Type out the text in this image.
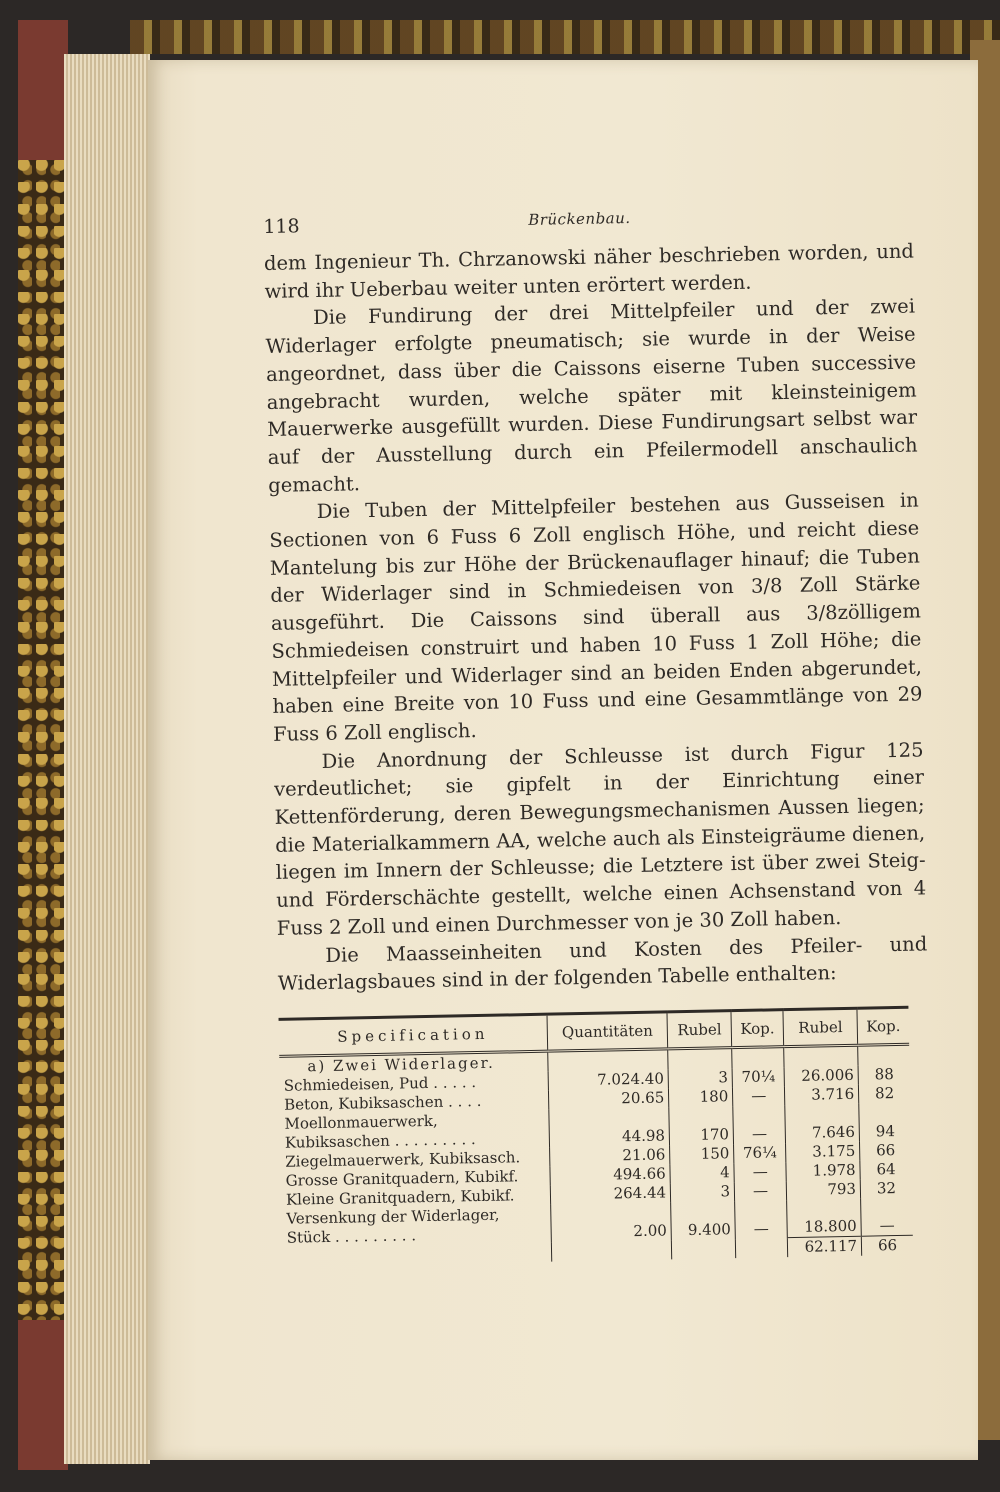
118	Brückenbau.

dem Ingenieur Th. Chrzanowski näher beschrieben worden, und wird ihr Ueberbau weiter unten erörtert werden.

Die Fundirung der drei Mittelpfeiler und der zwei Widerlager erfolgte pneumatisch; sie wurde in der Weise angeordnet, dass über die Caissons eiserne Tuben successive angebracht wurden, welche später mit kleinsteinigem Mauerwerke ausgefüllt wurden. Diese Fundirungsart selbst war auf der Ausstellung durch ein Pfeilermodell anschaulich gemacht.

Die Tuben der Mittelpfeiler bestehen aus Gusseisen in Sectionen von 6 Fuss 6 Zoll englisch Höhe, und reicht diese Mantelung bis zur Höhe der Brückenauflager hinauf; die Tuben der Widerlager sind in Schmiedeisen von 3/8 Zoll Stärke ausgeführt. Die Caissons sind überall aus 3/8zölligem Schmiedeisen construirt und haben 10 Fuss 1 Zoll Höhe; die Mittelpfeiler und Widerlager sind an beiden Enden abgerundet, haben eine Breite von 10 Fuss und eine Gesammtlänge von 29 Fuss 6 Zoll englisch.

Die Anordnung der Schleusse ist durch Figur 125 verdeutlichet; sie gipfelt in der Einrichtung einer Kettenförderung, deren Bewegungsmechanismen Aussen liegen; die Materialkammern AA, welche auch als Einsteigräume dienen, liegen im Innern der Schleusse; die Letztere ist über zwei Steig- und Förderschächte gestellt, welche einen Achsenstand von 4 Fuss 2 Zoll und einen Durchmesser von je 30 Zoll haben.

Die Maasseinheiten und Kosten des Pfeiler- und Widerlagsbaues sind in der folgenden Tabelle enthalten:

Specification	Quantitäten	Rubel	Kop.	Rubel	Kop.
a) Zwei Widerlager.					
Schmiedeisen, Pud . . . . .	7.024.40	3	70¼	26.006	88
Beton, Kubiksaschen . . . .	20.65	180	—	3.716	82
Moellonmauerwerk, Kubiksaschen . . . . . . . . .	44.98	170	—	7.646	94
Ziegelmauerwerk, Kubiksasch.	21.06	150	76¼	3.175	66
Grosse Granitquadern, Kubikf.	494.66	4	—	1.978	64
Kleine Granitquadern, Kubikf.	264.44	3	—	793	32
Versenkung der Widerlager, Stück . . . . . . . . .	2.00	9.400	—	18.800	—
				62.117	66
